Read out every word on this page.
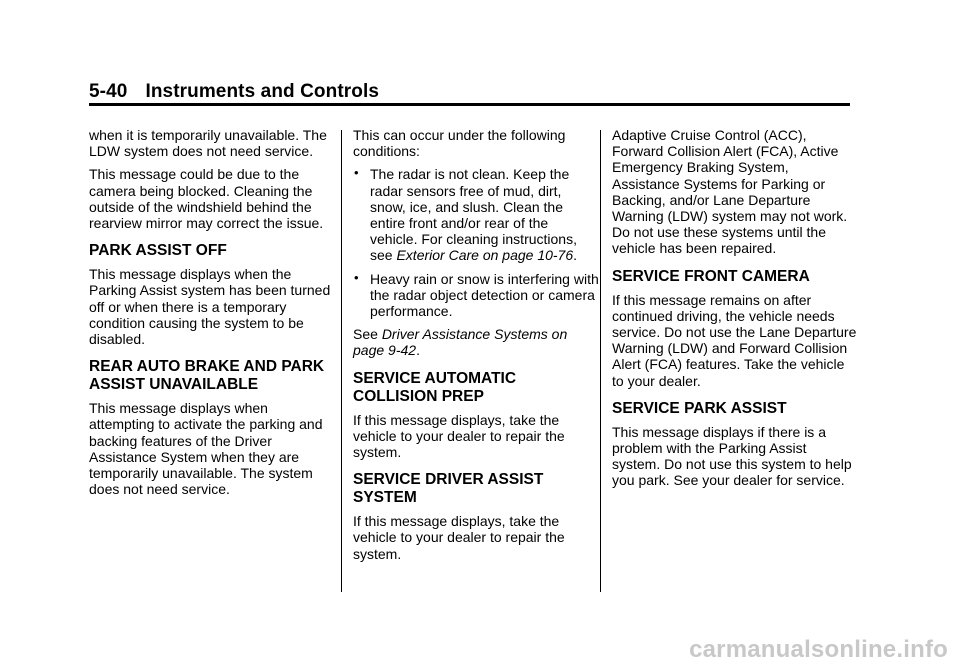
5-40 Instruments and Controls

when it is temporarily unavailable. The LDW system does not need service.

This message could be due to the camera being blocked. Cleaning the outside of the windshield behind the rearview mirror may correct the issue.

PARK ASSIST OFF

This message displays when the Parking Assist system has been turned off or when there is a temporary condition causing the system to be disabled.

REAR AUTO BRAKE AND PARK ASSIST UNAVAILABLE

This message displays when attempting to activate the parking and backing features of the Driver Assistance System when they are temporarily unavailable. The system does not need service.

This can occur under the following conditions:

• The radar is not clean. Keep the radar sensors free of mud, dirt, snow, ice, and slush. Clean the entire front and/or rear of the vehicle. For cleaning instructions, see Exterior Care on page 10-76.
• Heavy rain or snow is interfering with the radar object detection or camera performance.

See Driver Assistance Systems on page 9-42.

SERVICE AUTOMATIC COLLISION PREP

If this message displays, take the vehicle to your dealer to repair the system.

SERVICE DRIVER ASSIST SYSTEM

If this message displays, take the vehicle to your dealer to repair the system.

Adaptive Cruise Control (ACC), Forward Collision Alert (FCA), Active Emergency Braking System, Assistance Systems for Parking or Backing, and/or Lane Departure Warning (LDW) system may not work. Do not use these systems until the vehicle has been repaired.

SERVICE FRONT CAMERA

If this message remains on after continued driving, the vehicle needs service. Do not use the Lane Departure Warning (LDW) and Forward Collision Alert (FCA) features. Take the vehicle to your dealer.

SERVICE PARK ASSIST

This message displays if there is a problem with the Parking Assist system. Do not use this system to help you park. See your dealer for service.

carmanualsonline.info
